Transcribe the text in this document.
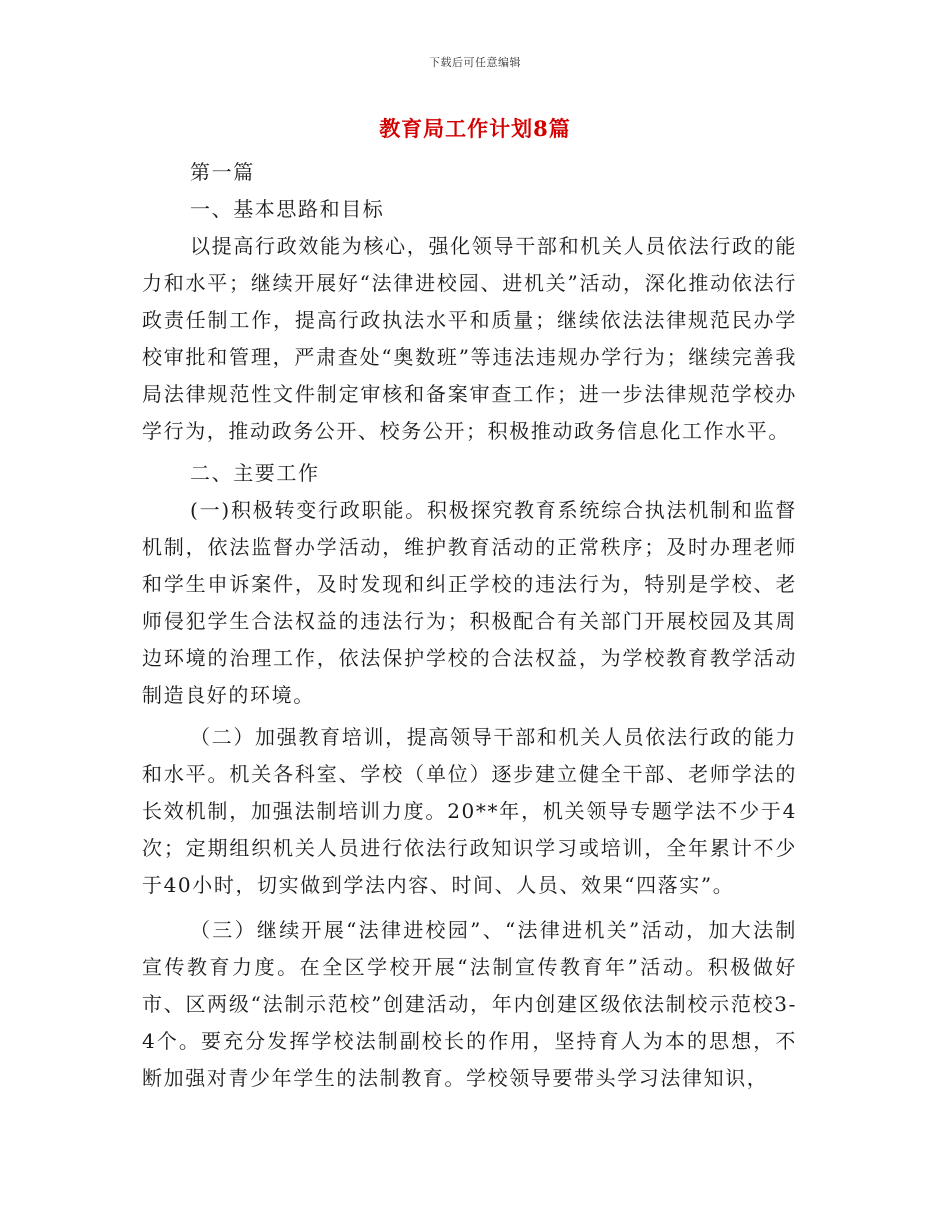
下载后可任意编辑
教育局工作计划8篇

第一篇

一、基本思路和目标

以提高行政效能为核心，强化领导干部和机关人员依法行政的能力和水平；继续开展好“法律进校园、进机关”活动，深化推动依法行政责任制工作，提高行政执法水平和质量；继续依法法律规范民办学校审批和管理，严肃查处“奥数班”等违法违规办学行为；继续完善我局法律规范性文件制定审核和备案审查工作；进一步法律规范学校办学行为，推动政务公开、校务公开；积极推动政务信息化工作水平。

二、主要工作

(一)积极转变行政职能。积极探究教育系统综合执法机制和监督机制，依法监督办学活动，维护教育活动的正常秩序；及时办理老师和学生申诉案件，及时发现和纠正学校的违法行为，特别是学校、老师侵犯学生合法权益的违法行为；积极配合有关部门开展校园及其周边环境的治理工作，依法保护学校的合法权益，为学校教育教学活动制造良好的环境。

（二）加强教育培训，提高领导干部和机关人员依法行政的能力和水平。机关各科室、学校（单位）逐步建立健全干部、老师学法的长效机制，加强法制培训力度。20**年，机关领导专题学法不少于4次；定期组织机关人员进行依法行政知识学习或培训，全年累计不少于40小时，切实做到学法内容、时间、人员、效果“四落实”。

（三）继续开展“法律进校园”、“法律进机关”活动，加大法制宣传教育力度。在全区学校开展“法制宣传教育年”活动。积极做好市、区两级“法制示范校”创建活动，年内创建区级依法制校示范校3-4个。要充分发挥学校法制副校长的作用，坚持育人为本的思想，不断加强对青少年学生的法制教育。学校领导要带头学习法律知识，
